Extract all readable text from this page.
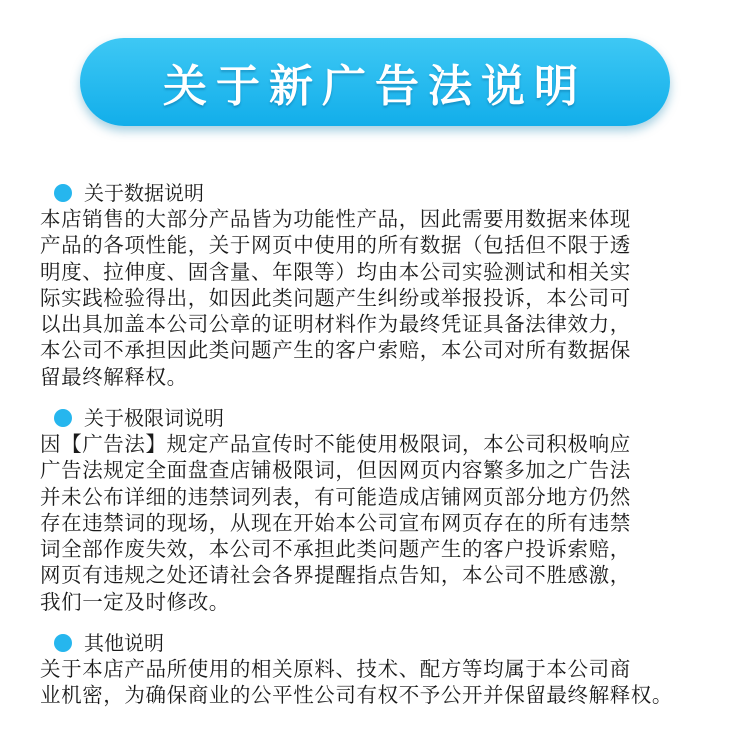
关于新广告法说明
关于数据说明
本店销售的大部分产品皆为功能性产品，因此需要用数据来体现
产品的各项性能，关于网页中使用的所有数据（包括但不限于透
明度、拉伸度、固含量、年限等）均由本公司实验测试和相关实
际实践检验得出，如因此类问题产生纠纷或举报投诉，本公司可
以出具加盖本公司公章的证明材料作为最终凭证具备法律效力，
本公司不承担因此类问题产生的客户索赔，本公司对所有数据保
留最终解释权。
关于极限词说明
因【广告法】规定产品宣传时不能使用极限词，本公司积极响应
广告法规定全面盘查店铺极限词，但因网页内容繁多加之广告法
并未公布详细的违禁词列表，有可能造成店铺网页部分地方仍然
存在违禁词的现场，从现在开始本公司宣布网页存在的所有违禁
词全部作废失效，本公司不承担此类问题产生的客户投诉索赔，
网页有违规之处还请社会各界提醒指点告知，本公司不胜感激，
我们一定及时修改。
其他说明
关于本店产品所使用的相关原料、技术、配方等均属于本公司商
业机密，为确保商业的公平性公司有权不予公开并保留最终解释权。
